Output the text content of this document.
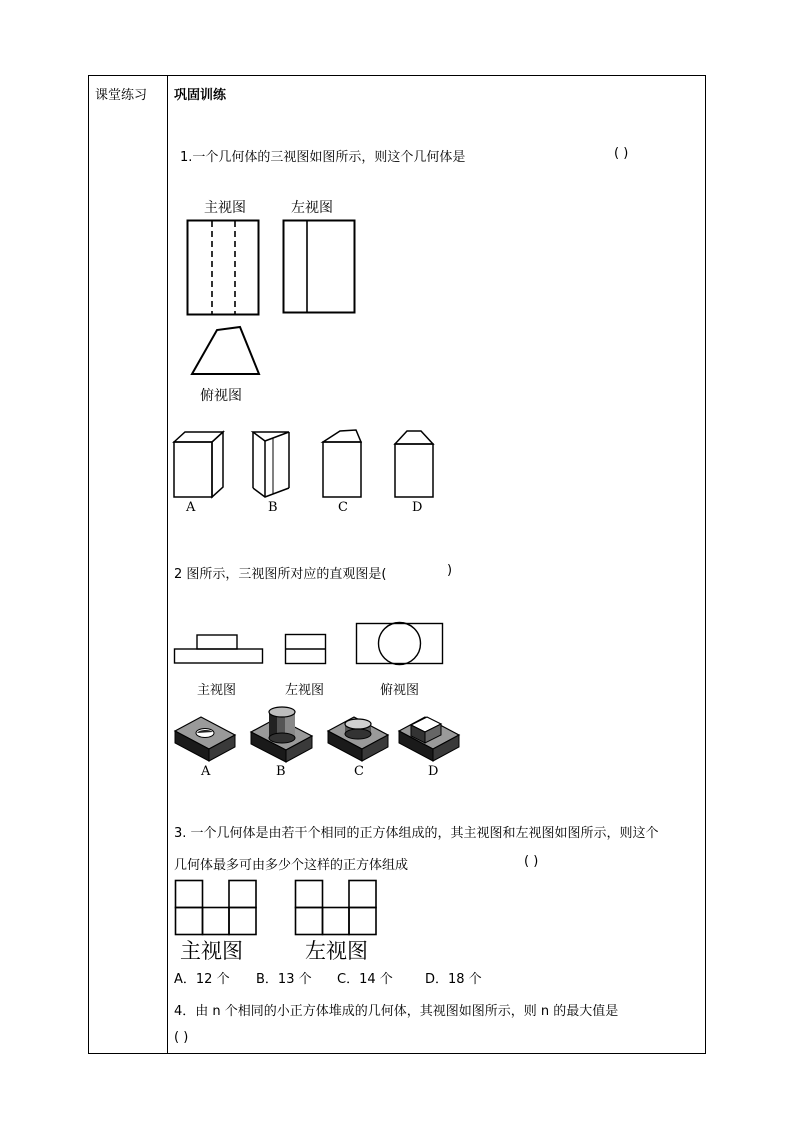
课堂练习 巩固训练
1.一个几何体的三视图如图所示，则这个几何体是	( )
主视图	左视图
俯视图
A	B	C	D
2 图所示，三视图所对应的直观图是(	)
主视图	左视图	俯视图
A	B	C	D
3. 一个几何体是由若干个相同的正方体组成的，其主视图和左视图如图所示，则这个
几何体最多可由多少个这样的正方体组成	( )
主视图	左视图
A．12 个 B．13 个 C．14 个 D．18 个
4．由 n 个相同的小正方体堆成的几何体，其视图如图所示，则 n 的最大值是
( )
